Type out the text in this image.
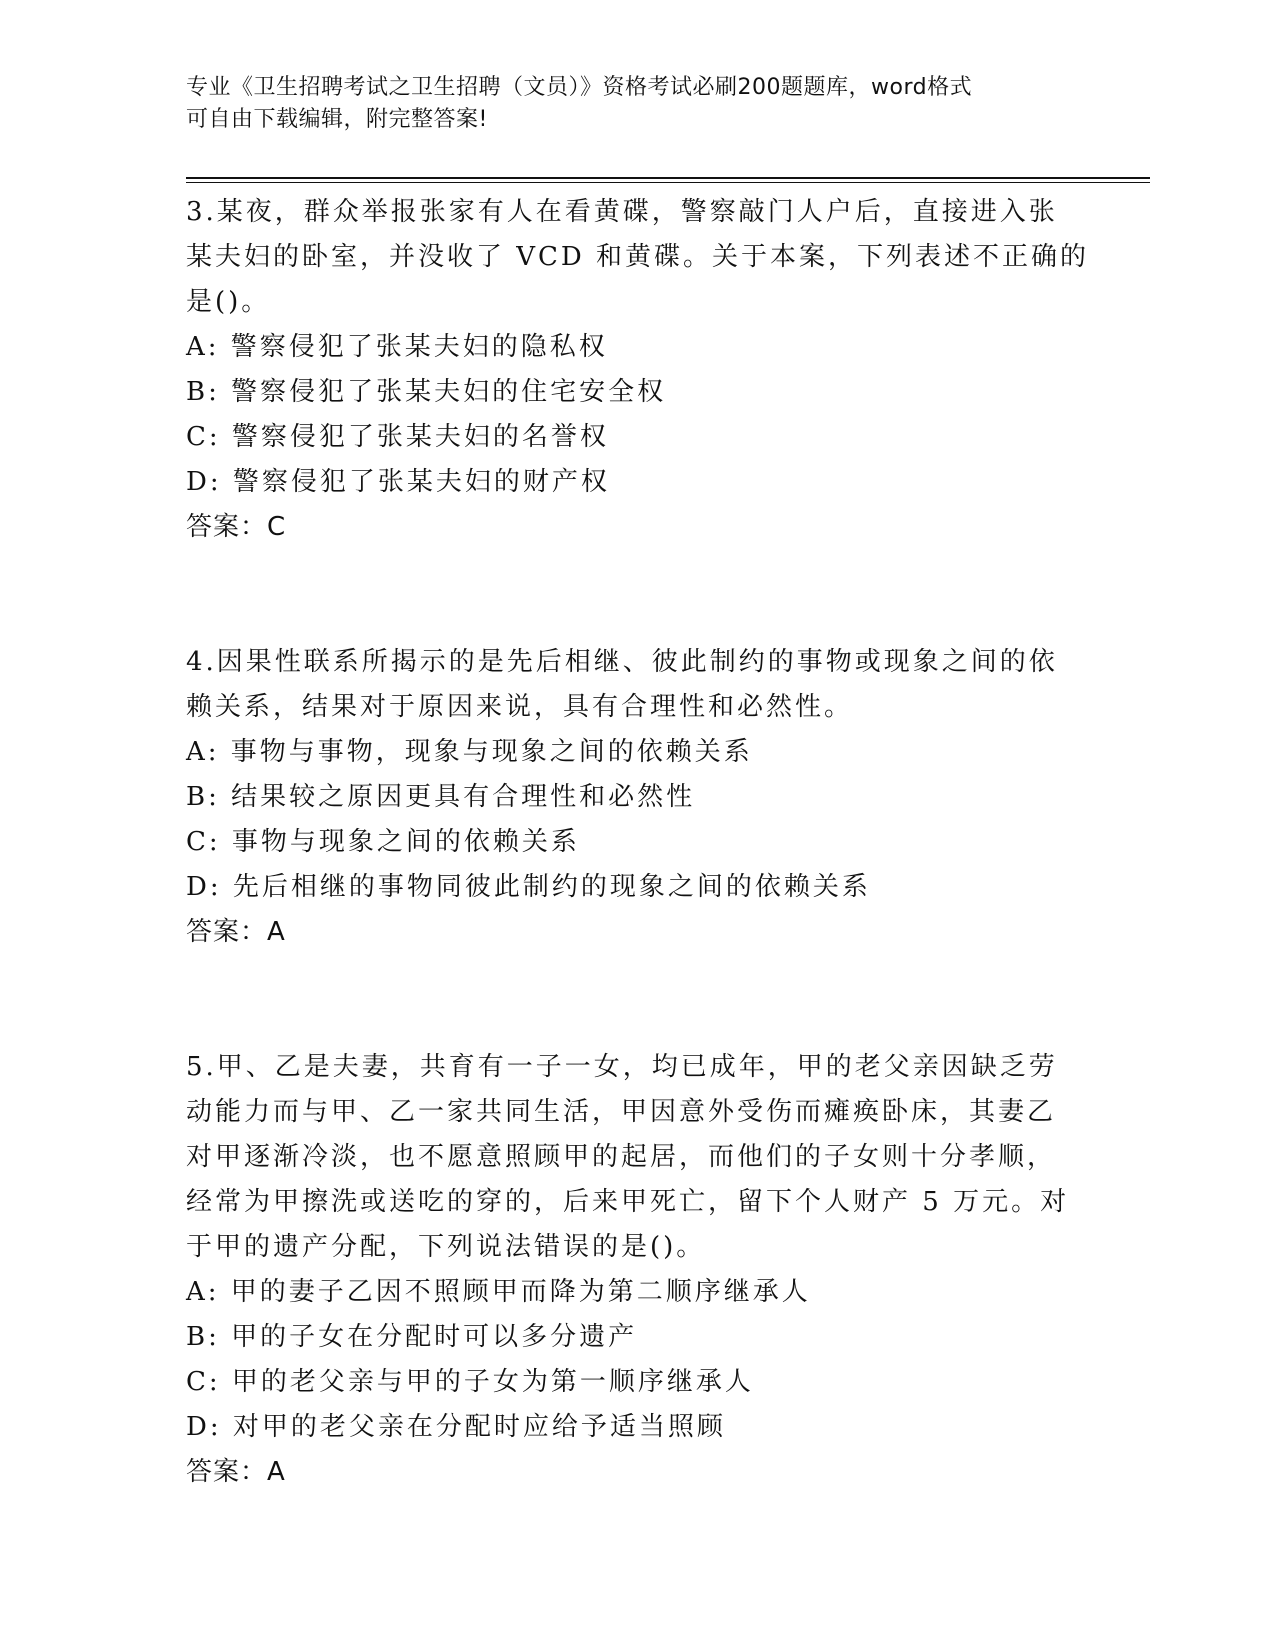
专业《卫生招聘考试之卫生招聘（文员）》资格考试必刷200题题库，word格式
可自由下载编辑，附完整答案!
3.某夜，群众举报张家有人在看黄碟，警察敲门人户后，直接进入张
某夫妇的卧室，并没收了 VCD 和黄碟。关于本案，下列表述不正确的
是()。
A: 警察侵犯了张某夫妇的隐私权
B: 警察侵犯了张某夫妇的住宅安全权
C: 警察侵犯了张某夫妇的名誉权
D: 警察侵犯了张某夫妇的财产权
答案：C
4.因果性联系所揭示的是先后相继、彼此制约的事物或现象之间的依
赖关系，结果对于原因来说，具有合理性和必然性。
A: 事物与事物，现象与现象之间的依赖关系
B: 结果较之原因更具有合理性和必然性
C: 事物与现象之间的依赖关系
D: 先后相继的事物同彼此制约的现象之间的依赖关系
答案：A
5.甲、乙是夫妻，共育有一子一女，均已成年，甲的老父亲因缺乏劳
动能力而与甲、乙一家共同生活，甲因意外受伤而瘫痪卧床，其妻乙
对甲逐渐冷淡，也不愿意照顾甲的起居，而他们的子女则十分孝顺，
经常为甲擦洗或送吃的穿的，后来甲死亡，留下个人财产 5 万元。对
于甲的遗产分配，下列说法错误的是()。
A: 甲的妻子乙因不照顾甲而降为第二顺序继承人
B: 甲的子女在分配时可以多分遗产
C: 甲的老父亲与甲的子女为第一顺序继承人
D: 对甲的老父亲在分配时应给予适当照顾
答案：A
